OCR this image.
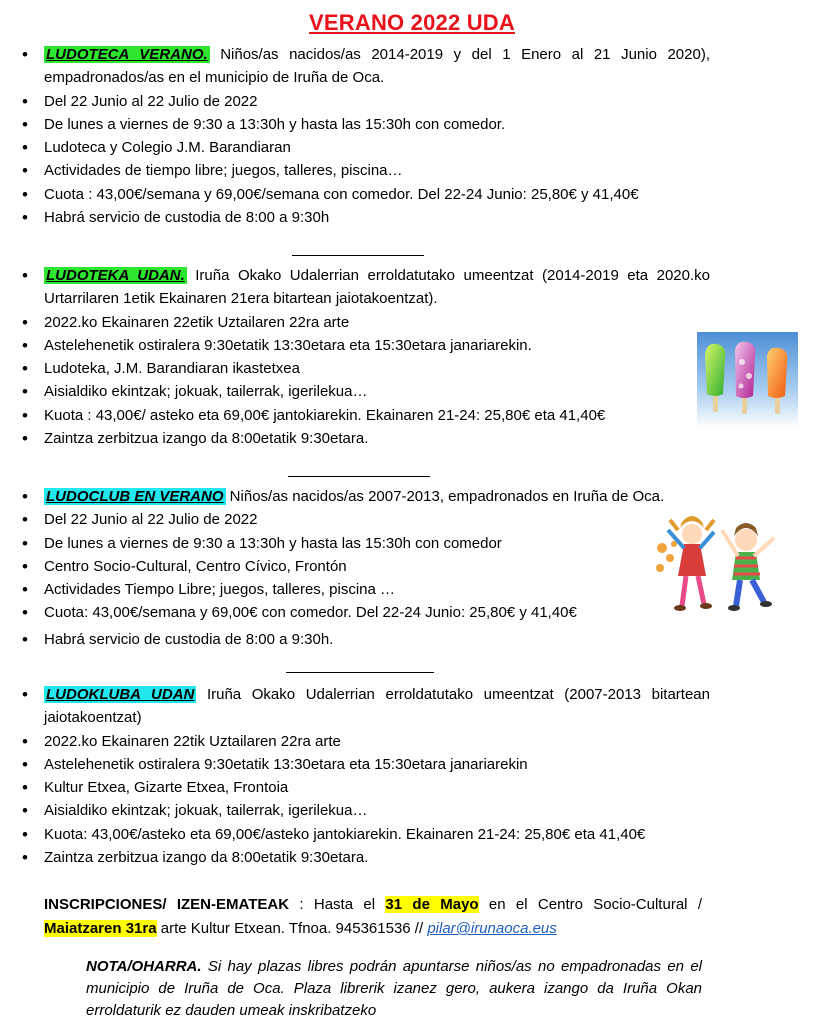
VERANO 2022 UDA
• LUDOTECA VERANO. Niños/as nacidos/as 2014-2019 y del 1 Enero al 21 Junio 2020), empadronados/as en el municipio de Iruña de Oca.
• Del 22 Junio al 22 Julio de 2022
• De lunes a viernes de 9:30 a 13:30h y hasta las 15:30h con comedor.
• Ludoteca y Colegio J.M. Barandiaran
• Actividades de tiempo libre; juegos, talleres, piscina…
• Cuota : 43,00€/semana y 69,00€/semana con comedor. Del 22-24 Junio: 25,80€ y 41,40€
• Habrá servicio de custodia de 8:00 a 9:30h
• LUDOTEKA UDAN. Iruña Okako Udalerrian erroldatutako umeentzat (2014-2019 eta 2020.ko Urtarrilaren 1etik Ekainaren 21era bitartean jaiotakoentzat).
• 2022.ko Ekainaren 22etik Uztailaren 22ra arte
• Astelehenetik ostiralera 9:30etatik 13:30etara eta 15:30etara janariarekin.
• Ludoteka, J.M. Barandiaran ikastetxea
• Aisialdiko ekintzak; jokuak, tailerrak, igerilekua…
• Kuota : 43,00€/ asteko eta 69,00€ jantokiarekin. Ekainaren 21-24: 25,80€ eta 41,40€
• Zaintza zerbitzua izango da 8:00etatik 9:30etara.
• LUDOCLUB EN VERANO Niños/as nacidos/as 2007-2013, empadronados en Iruña de Oca.
• Del 22 Junio al 22 Julio de 2022
• De lunes a viernes de 9:30 a 13:30h y hasta las 15:30h con comedor
• Centro Socio-Cultural, Centro Cívico, Frontón
• Actividades Tiempo Libre; juegos, talleres, piscina …
• Cuota: 43,00€/semana y 69,00€ con comedor. Del 22-24 Junio: 25,80€ y 41,40€
• Habrá servicio de custodia de 8:00 a 9:30h.
• LUDOKLUBA UDAN Iruña Okako Udalerrian erroldatutako umeentzat (2007-2013 bitartean jaiotakoentzat)
• 2022.ko Ekainaren 22tik Uztailaren 22ra arte
• Astelehenetik ostiralera 9:30etatik 13:30etara eta 15:30etara janariarekin
• Kultur Etxea, Gizarte Etxea, Frontoia
• Aisialdiko ekintzak; jokuak, tailerrak, igerilekua…
• Kuota: 43,00€/asteko eta 69,00€/asteko jantokiarekin. Ekainaren 21-24: 25,80€ eta 41,40€
• Zaintza zerbitzua izango da 8:00etatik 9:30etara.
INSCRIPCIONES/ IZEN-EMATEAK : Hasta el 31 de Mayo en el Centro Socio-Cultural / Maiatzaren 31ra arte Kultur Etxean. Tfnoa. 945361536 // pilar@irunaoca.eus
NOTA/OHARRA. Si hay plazas libres podrán apuntarse niños/as no empadronadas en el municipio de Iruña de Oca. Plaza librerik izanez gero, aukera izango da Iruña Okan erroldaturik ez dauden umeak inskribatzeko
